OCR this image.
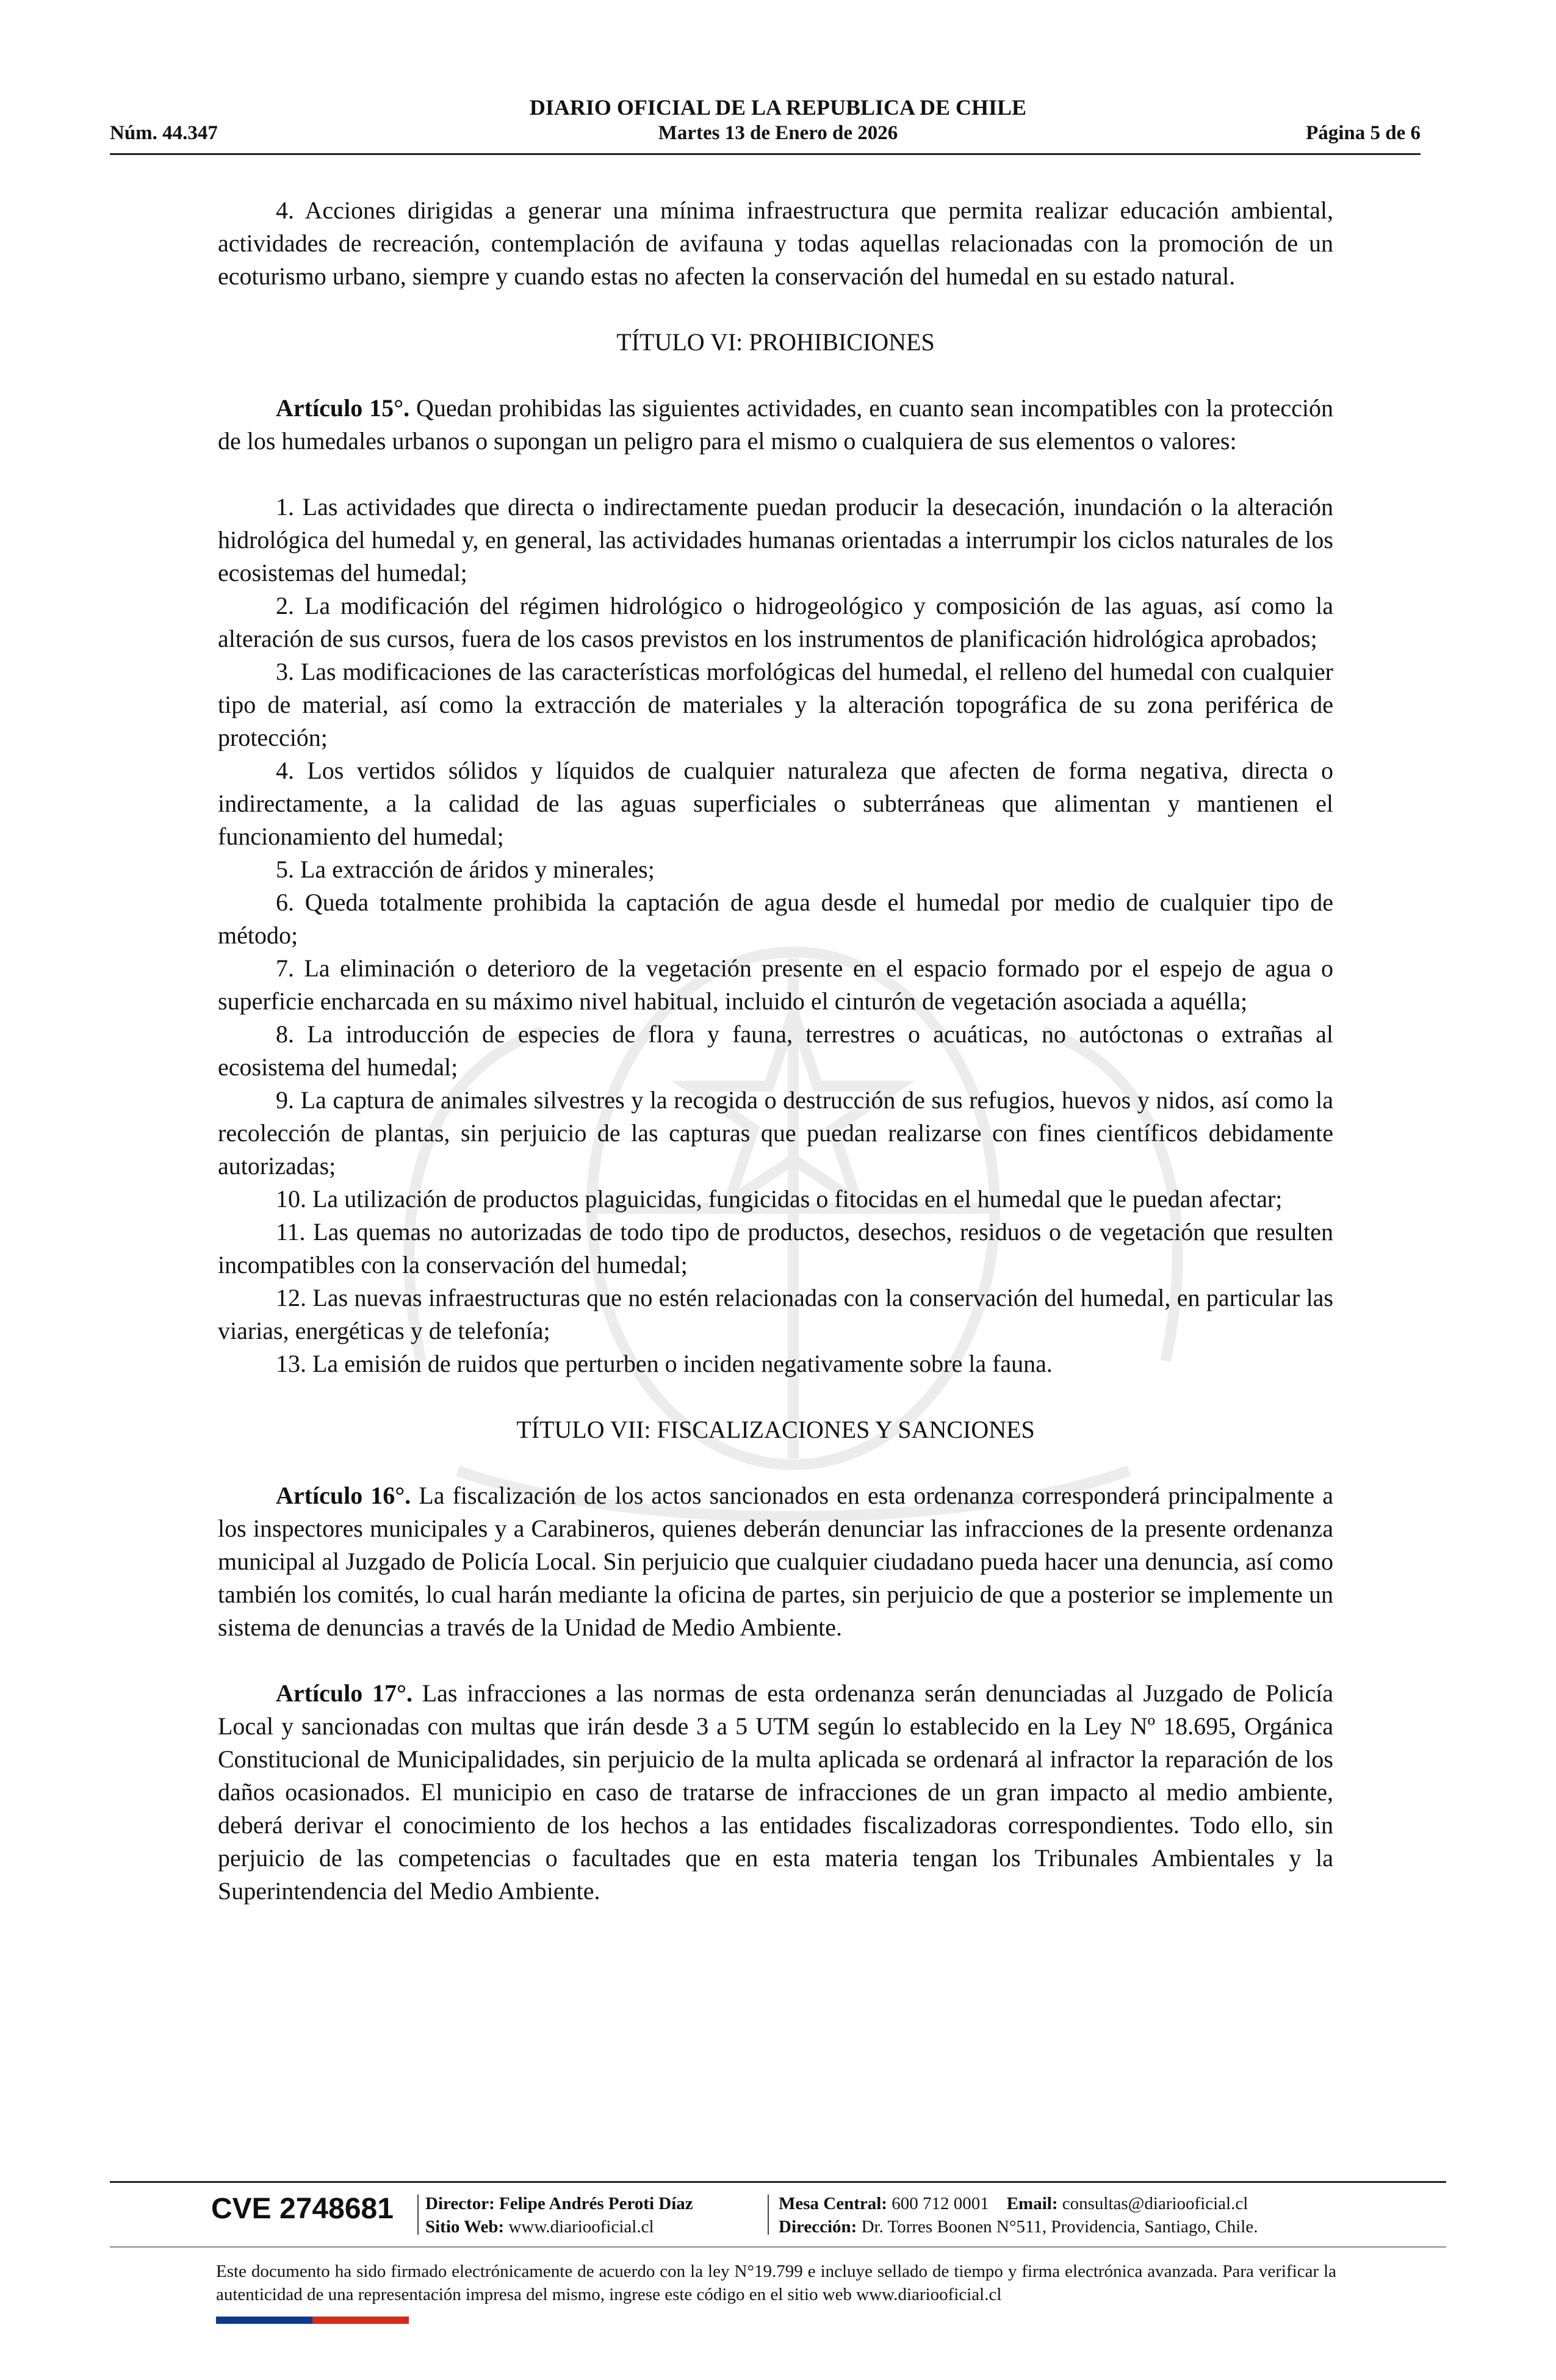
DIARIO OFICIAL DE LA REPUBLICA DE CHILE
Núm. 44.347	Martes 13 de Enero de 2026	Página 5 de 6

4. Acciones dirigidas a generar una mínima infraestructura que permita realizar educación ambiental, actividades de recreación, contemplación de avifauna y todas aquellas relacionadas con la promoción de un ecoturismo urbano, siempre y cuando estas no afecten la conservación del humedal en su estado natural.

TÍTULO VI: PROHIBICIONES

Artículo 15°. Quedan prohibidas las siguientes actividades, en cuanto sean incompatibles con la protección de los humedales urbanos o supongan un peligro para el mismo o cualquiera de sus elementos o valores:

1. Las actividades que directa o indirectamente puedan producir la desecación, inundación o la alteración hidrológica del humedal y, en general, las actividades humanas orientadas a interrumpir los ciclos naturales de los ecosistemas del humedal;

2. La modificación del régimen hidrológico o hidrogeológico y composición de las aguas, así como la alteración de sus cursos, fuera de los casos previstos en los instrumentos de planificación hidrológica aprobados;

3. Las modificaciones de las características morfológicas del humedal, el relleno del humedal con cualquier tipo de material, así como la extracción de materiales y la alteración topográfica de su zona periférica de protección;

4. Los vertidos sólidos y líquidos de cualquier naturaleza que afecten de forma negativa, directa o indirectamente, a la calidad de las aguas superficiales o subterráneas que alimentan y mantienen el funcionamiento del humedal;

5. La extracción de áridos y minerales;

6. Queda totalmente prohibida la captación de agua desde el humedal por medio de cualquier tipo de método;

7. La eliminación o deterioro de la vegetación presente en el espacio formado por el espejo de agua o superficie encharcada en su máximo nivel habitual, incluido el cinturón de vegetación asociada a aquélla;

8. La introducción de especies de flora y fauna, terrestres o acuáticas, no autóctonas o extrañas al ecosistema del humedal;

9. La captura de animales silvestres y la recogida o destrucción de sus refugios, huevos y nidos, así como la recolección de plantas, sin perjuicio de las capturas que puedan realizarse con fines científicos debidamente autorizadas;

10. La utilización de productos plaguicidas, fungicidas o fitocidas en el humedal que le puedan afectar;

11. Las quemas no autorizadas de todo tipo de productos, desechos, residuos o de vegetación que resulten incompatibles con la conservación del humedal;

12. Las nuevas infraestructuras que no estén relacionadas con la conservación del humedal, en particular las viarias, energéticas y de telefonía;

13. La emisión de ruidos que perturben o inciden negativamente sobre la fauna.

TÍTULO VII: FISCALIZACIONES Y SANCIONES

Artículo 16°. La fiscalización de los actos sancionados en esta ordenanza corresponderá principalmente a los inspectores municipales y a Carabineros, quienes deberán denunciar las infracciones de la presente ordenanza municipal al Juzgado de Policía Local. Sin perjuicio que cualquier ciudadano pueda hacer una denuncia, así como también los comités, lo cual harán mediante la oficina de partes, sin perjuicio de que a posterior se implemente un sistema de denuncias a través de la Unidad de Medio Ambiente.

Artículo 17°. Las infracciones a las normas de esta ordenanza serán denunciadas al Juzgado de Policía Local y sancionadas con multas que irán desde 3 a 5 UTM según lo establecido en la Ley Nº 18.695, Orgánica Constitucional de Municipalidades, sin perjuicio de la multa aplicada se ordenará al infractor la reparación de los daños ocasionados. El municipio en caso de tratarse de infracciones de un gran impacto al medio ambiente, deberá derivar el conocimiento de los hechos a las entidades fiscalizadoras correspondientes. Todo ello, sin perjuicio de las competencias o facultades que en esta materia tengan los Tribunales Ambientales y la Superintendencia del Medio Ambiente.

CVE 2748681 Director: Felipe Andrés Peroti Díaz
Sitio Web: www.diariooficial.cl
Mesa Central: 600 712 0001 Email: consultas@diariooficial.cl
Dirección: Dr. Torres Boonen N°511, Providencia, Santiago, Chile.
Este documento ha sido firmado electrónicamente de acuerdo con la ley N°19.799 e incluye sellado de tiempo y firma electrónica avanzada. Para verificar la autenticidad de una representación impresa del mismo, ingrese este código en el sitio web www.diariooficial.cl
